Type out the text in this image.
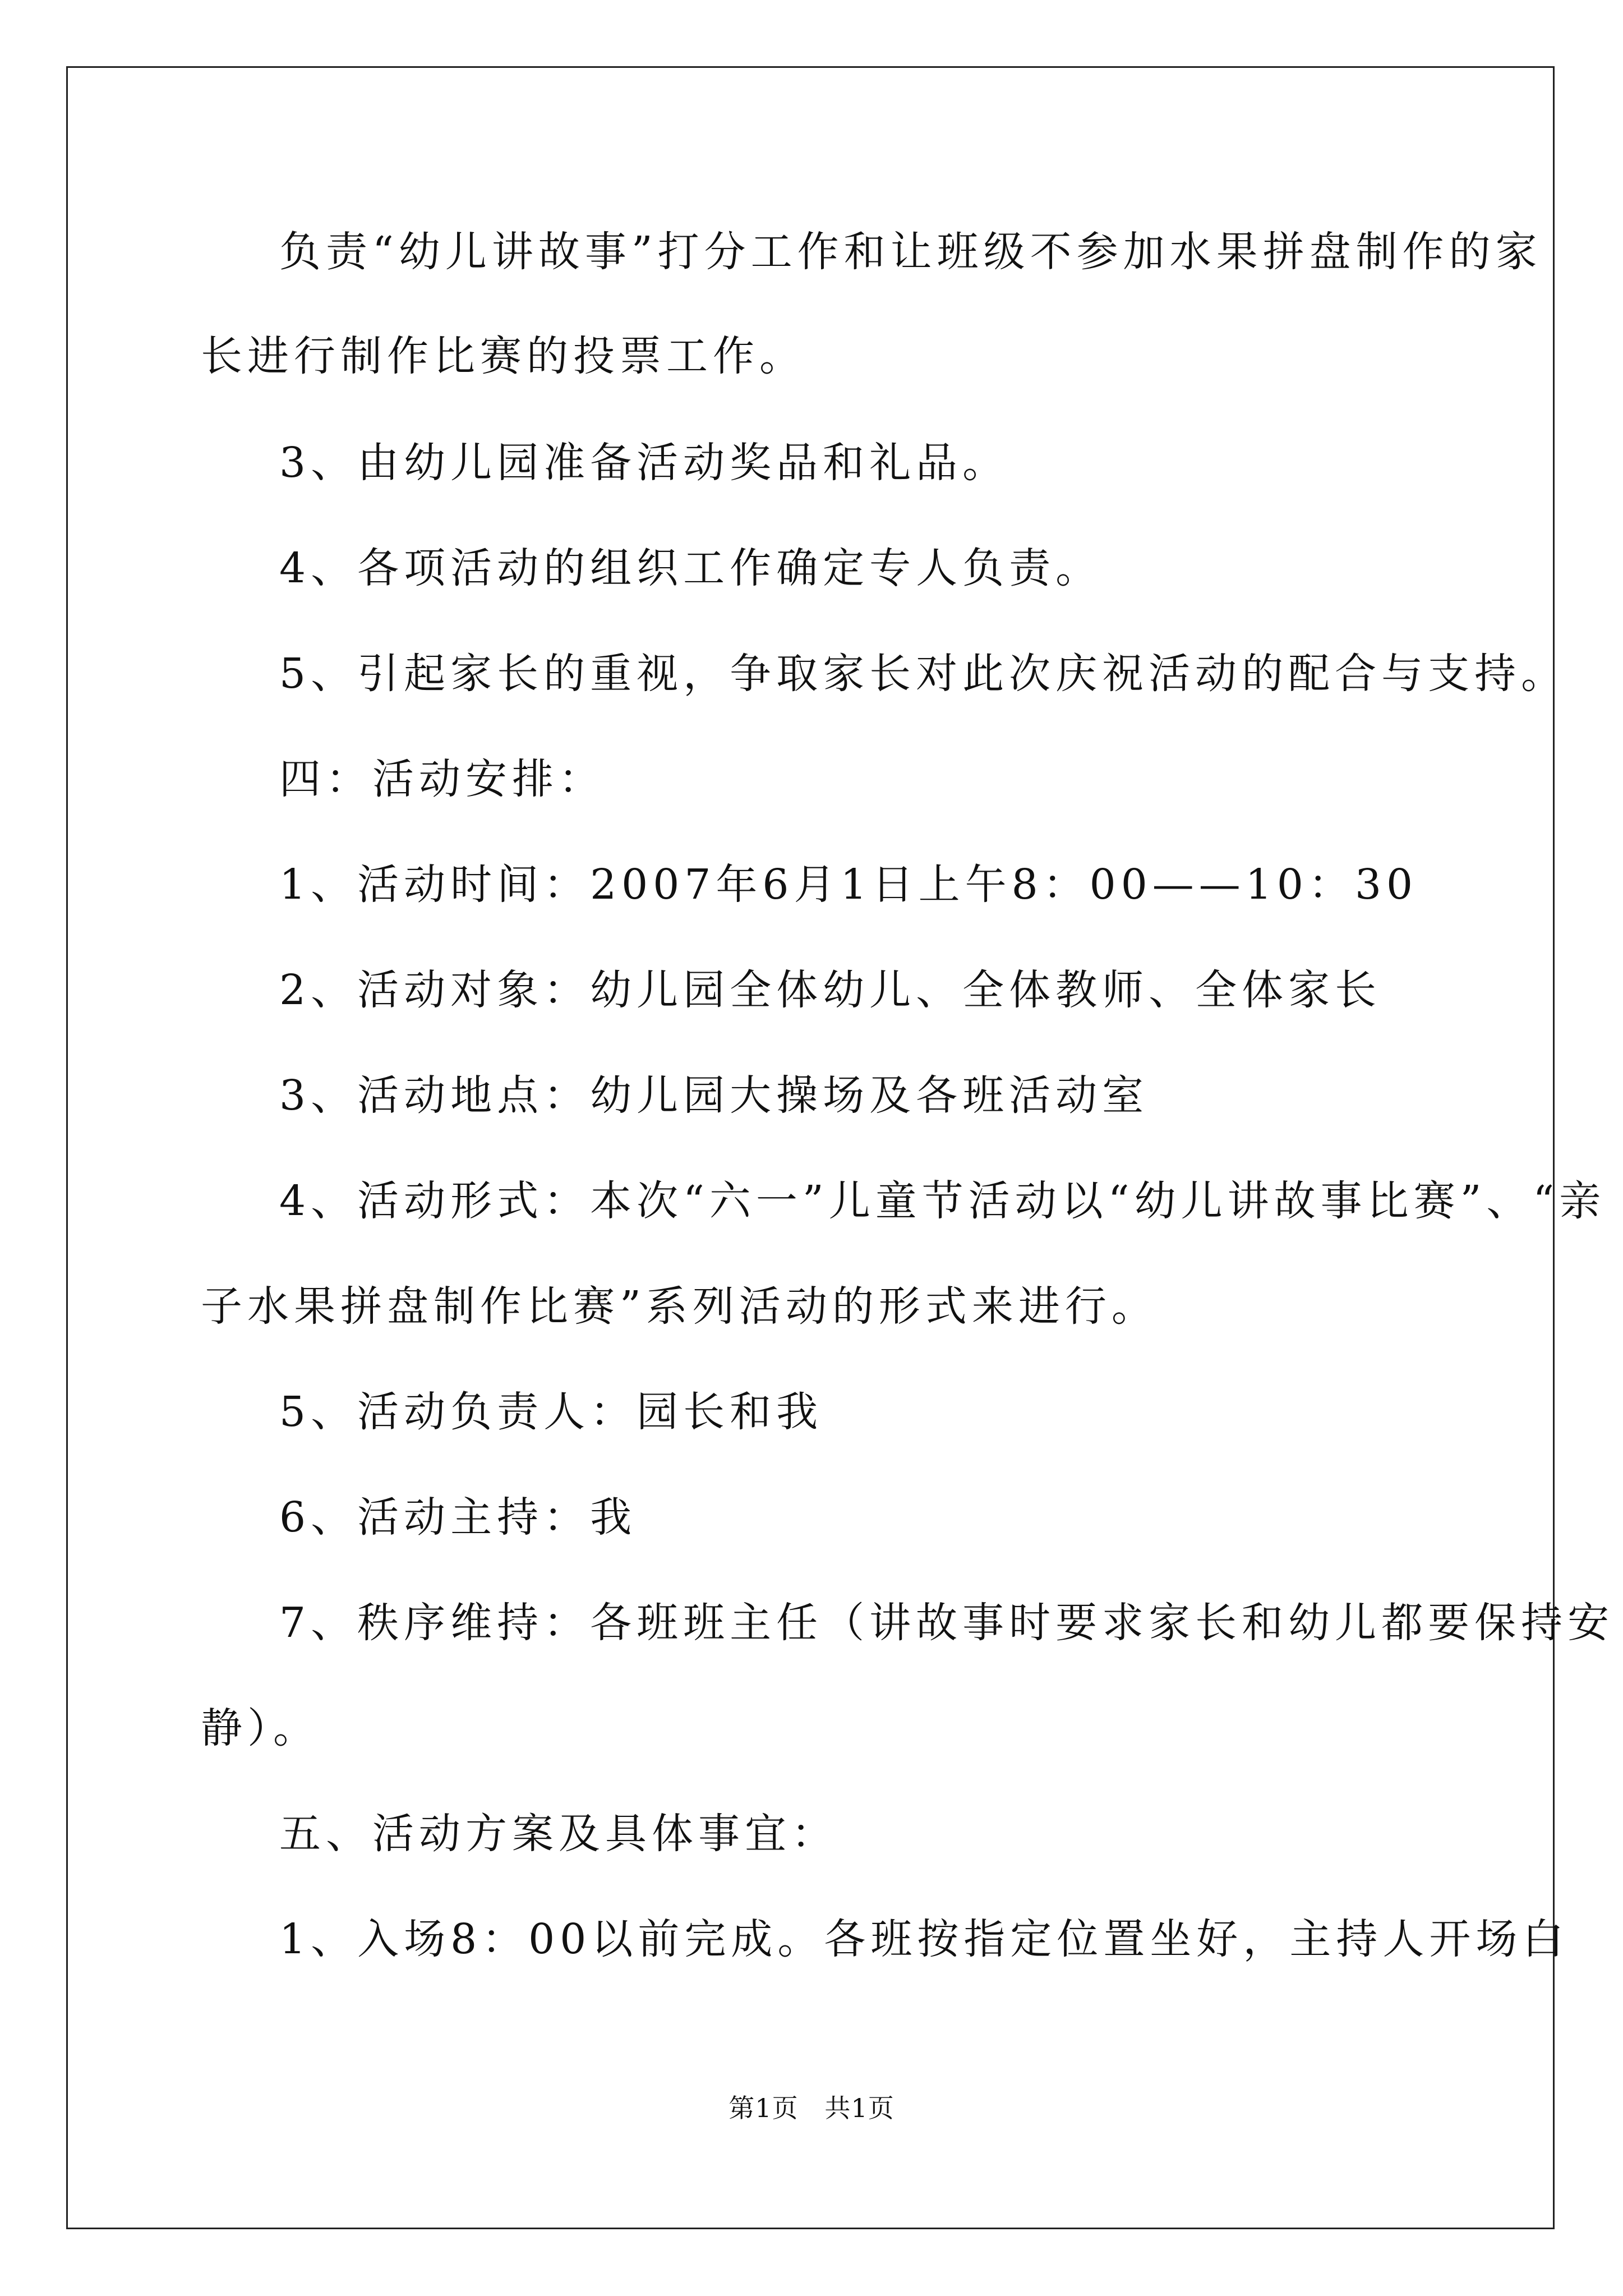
负责“幼儿讲故事”打分工作和让班级不参加水果拼盘制作的家
长进行制作比赛的投票工作。
3、由幼儿园准备活动奖品和礼品。
4、各项活动的组织工作确定专人负责。
5、引起家长的重视，争取家长对此次庆祝活动的配合与支持。
四：活动安排：
1、活动时间：2007年6月1日上午8：00——10：30
2、活动对象：幼儿园全体幼儿、全体教师、全体家长
3、活动地点：幼儿园大操场及各班活动室
4、活动形式：本次“六一”儿童节活动以“幼儿讲故事比赛”、“亲
子水果拼盘制作比赛”系列活动的形式来进行。
5、活动负责人：园长和我
6、活动主持：我
7、秩序维持：各班班主任（讲故事时要求家长和幼儿都要保持安
静）。
五、活动方案及具体事宜：
1、入场8：00以前完成。各班按指定位置坐好，主持人开场白
第1页   共1页
